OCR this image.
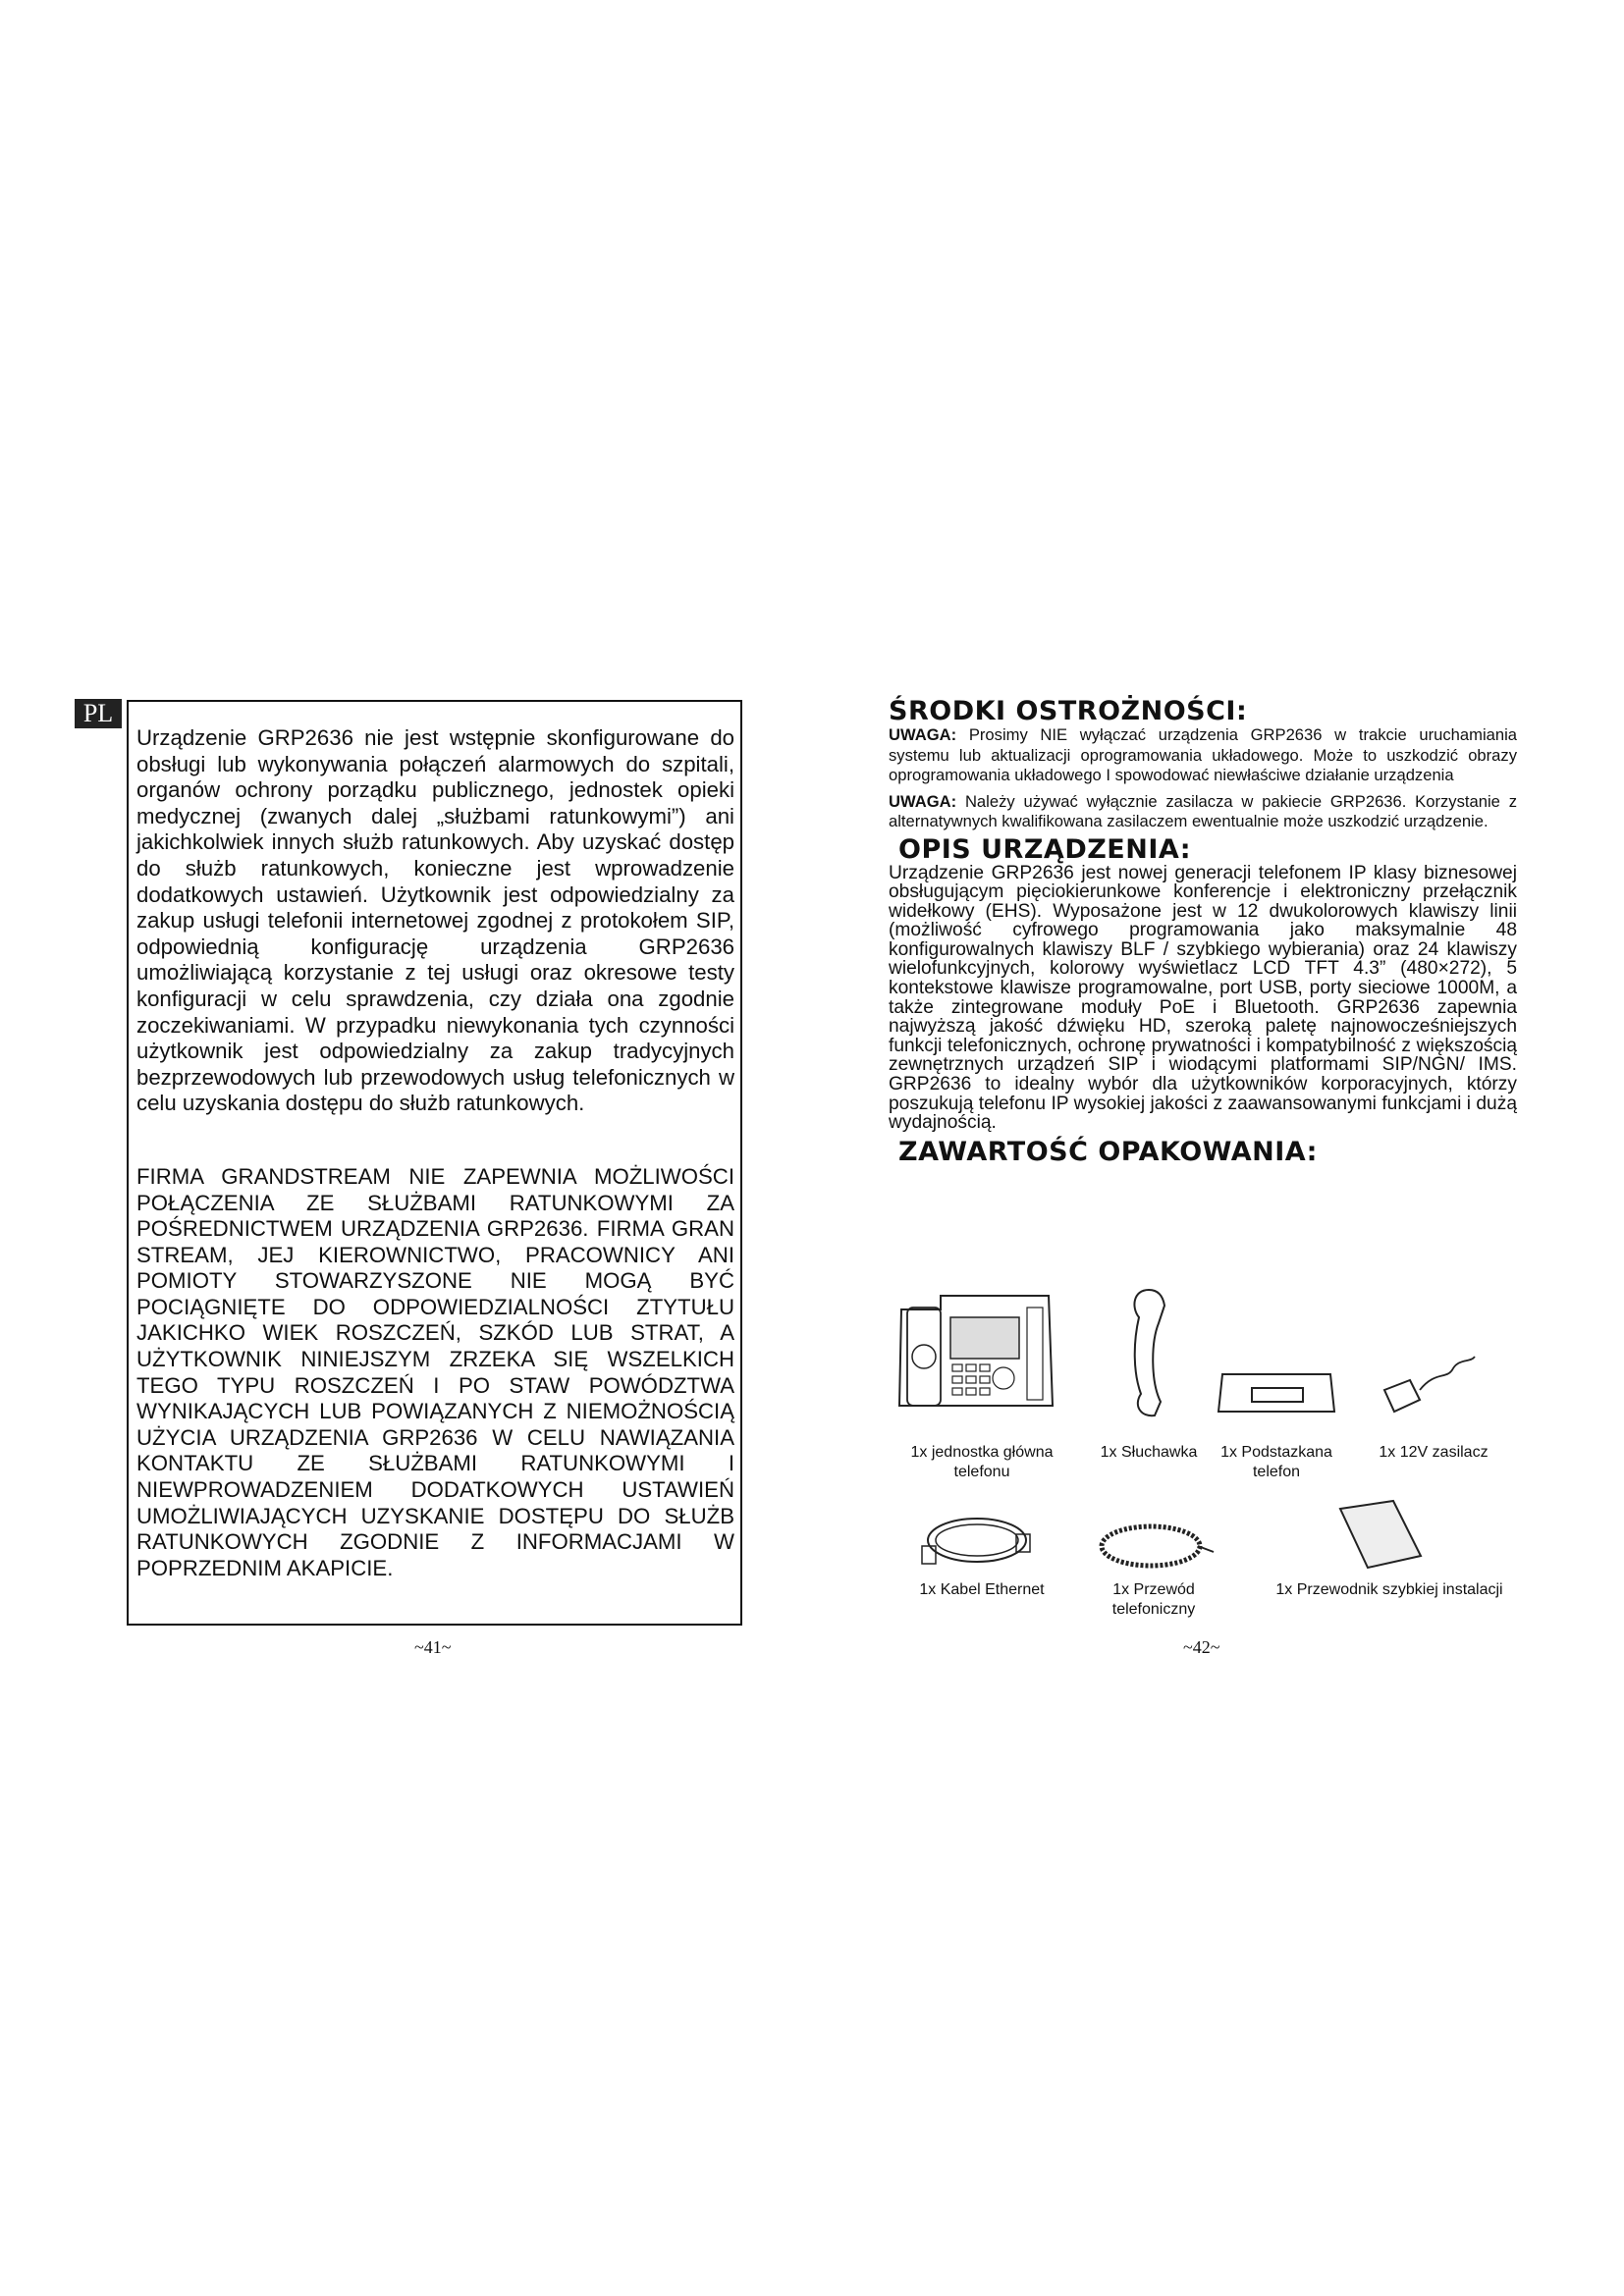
PL

Urządzenie GRP2636 nie jest wstępnie skonfigurowane do obsługi lub wykonywania połączeń alarmowych do szpitali, organów ochrony porządku publicznego, jednostek opieki medycznej (zwanych dalej „służbami ratunkowymi”) ani jakichkolwiek innych służb ratunkowych. Aby uzyskać dostęp do służb ratunkowych, konieczne jest wprowadzenie dodatkowych ustawień. Użytkownik jest odpowiedzialny za zakup usługi telefonii internetowej zgodnej z protokołem SIP, odpowiednią konfigurację urządzenia GRP2636 umożliwiającą korzystanie z tej usługi oraz okresowe testy konfiguracji w celu sprawdzenia, czy działa ona zgodnie zoczekiwaniami. W przypadku niewykonania tych czynności użytkownik jest odpowiedzialny za zakup tradycyjnych bezprzewodowych lub przewodowych usług telefonicznych w celu uzyskania dostępu do służb ratunkowych.

FIRMA GRANDSTREAM NIE ZAPEWNIA MOŻLIWOŚCI POŁĄCZENIA ZE SŁUŻBAMI RATUNKOWYMI ZA POŚREDNICTWEM URZĄDZENIA GRP2636. FIRMA GRAN STREAM, JEJ KIEROWNICTWO, PRACOWNICY ANI POMIOTY STOWARZYSZONE NIE MOGĄ BYĆ POCIĄGNIĘTE DO ODPOWIEDZIALNOŚCI ZTYTUŁU JAKICHKO WIEK ROSZCZEŃ, SZKÓD LUB STRAT, A UŻYTKOWNIK NINIEJSZYM ZRZEKA SIĘ WSZELKICH TEGO TYPU ROSZCZEŃ I PO STAW POWÓDZTWA WYNIKAJĄCYCH LUB POWIĄZANYCH Z NIEMOŻNOŚCIĄ UŻYCIA URZĄDZENIA GRP2636 W CELU NAWIĄZANIA KONTAKTU ZE SŁUŻBAMI RATUNKOWYMI I NIEWPROWADZENIEM DODATKOWYCH USTAWIEŃ UMOŻLIWIAJĄCYCH UZYSKANIE DOSTĘPU DO SŁUŻB RATUNKOWYCH ZGODNIE Z INFORMACJAMI W POPRZEDNIM AKAPICIE.

~41~
ŚRODKI OSTROŻNOŚCI:

UWAGA: Prosimy NIE wyłączać urządzenia GRP2636 w trakcie uruchamiania systemu lub aktualizacji oprogramowania układowego. Może to uszkodzić obrazy oprogramowania układowego I spowodować niewłaściwe działanie urządzenia

UWAGA: Należy używać wyłącznie zasilacza w pakiecie GRP2636. Korzystanie z alternatywnych kwalifikowana zasilaczem ewentualnie może uszkodzić urządzenie.

OPIS URZĄDZENIA:

Urządzenie GRP2636 jest nowej generacji telefonem IP klasy biznesowej obsługującym pięciokierunkowe konferencje i elektroniczny przełącznik widełkowy (EHS). Wyposażone jest w 12 dwukolorowych klawiszy linii (możliwość cyfrowego programowania jako maksymalnie 48 konfigurowalnych klawiszy BLF / szybkiego wybierania) oraz 24 klawiszy wielofunkcyjnych, kolorowy wyświetlacz LCD TFT 4.3” (480×272), 5 kontekstowe klawisze programowalne, port USB, porty sieciowe 1000M, a także zintegrowane moduły PoE i Bluetooth. GRP2636 zapewnia najwyższą jakość dźwięku HD, szeroką paletę najnowocześniejszych funkcji telefonicznych, ochronę prywatności i kompatybilność z większością zewnętrznych urządzeń SIP i wiodącymi platformami SIP/NGN/ IMS. GRP2636 to idealny wybór dla użytkowników korporacyjnych, którzy poszukują telefonu IP wysokiej jakości z zaawansowanymi funkcjami i dużą wydajnością.

ZAWARTOŚĆ OPAKOWANIA:
1x jednostka główna telefonu
1x Słuchawka	1x Podstazkana telefon
1x 12V zasilacz
1x Kabel Ethernet	1x Przewód telefoniczny
1x Przewodnik szybkiej instalacji
~42~
